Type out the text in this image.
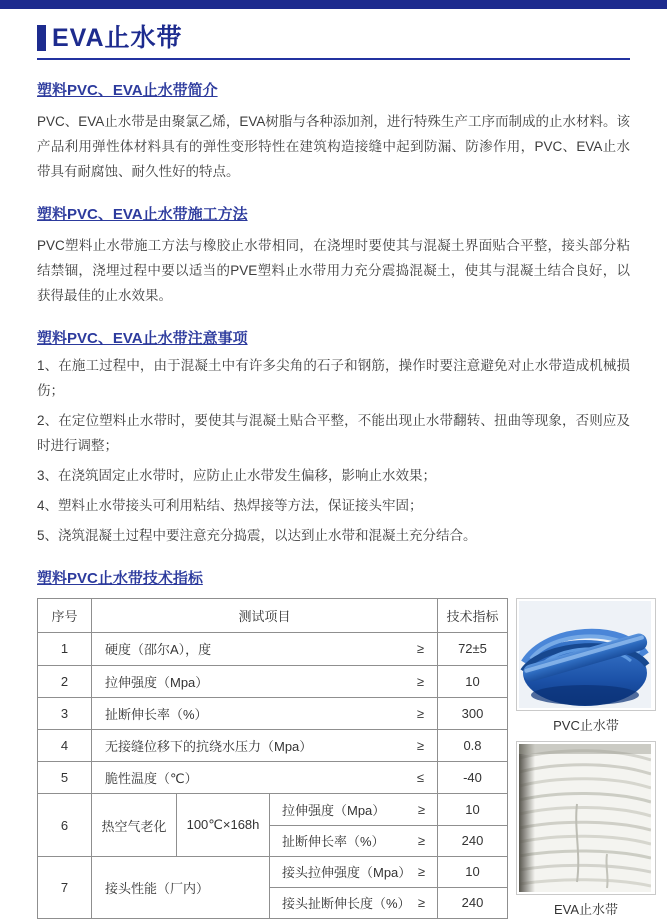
EVA止水带
塑料PVC、EVA止水带简介

PVC、EVA止水带是由聚氯乙烯，EVA树脂与各种添加剂，进行特殊生产工序而制成的止水材料。该产品利用弹性体材料具有的弹性变形特性在建筑构造接缝中起到防漏、防渗作用，PVC、EVA止水带具有耐腐蚀、耐久性好的特点。

塑料PVC、EVA止水带施工方法

PVC塑料止水带施工方法与橡胶止水带相同，在浇埋时要使其与混凝土界面贴合平整，接头部分粘结禁锢，浇埋过程中要以适当的PVE塑料止水带用力充分震捣混凝土，使其与混凝土结合良好，以获得最佳的止水效果。

塑料PVC、EVA止水带注意事项
1、在施工过程中，由于混凝土中有许多尖角的石子和钢筋，操作时要注意避免对止水带造成机械损伤；
2、在定位塑料止水带时，要使其与混凝土贴合平整，不能出现止水带翻转、扭曲等现象，否则应及时进行调整；
3、在浇筑固定止水带时，应防止止水带发生偏移，影响止水效果；
4、塑料止水带接头可利用粘结、热焊接等方法，保证接头牢固；
5、浇筑混凝土过程中要注意充分捣震，以达到止水带和混凝土充分结合。
塑料PVC止水带技术指标
序号	测试项目			技术指标
1	硬度（邵尔A），度 ≥			72±5
2	拉伸强度（Mpa） ≥			10
3	扯断伸长率（%） ≥			300
4	无接缝位移下的抗绕水压力（Mpa） ≥			0.8
5	脆性温度（℃） ≤			-40
6	热空气老化	100℃×168h	拉伸强度（Mpa） ≥	10

			扯断伸长率（%） ≥	240
7	接头性能（厂内）		接头拉伸强度（Mpa） ≥	10

			接头扯断伸长度（%） ≥	240
PVC止水带
EVA止水带
